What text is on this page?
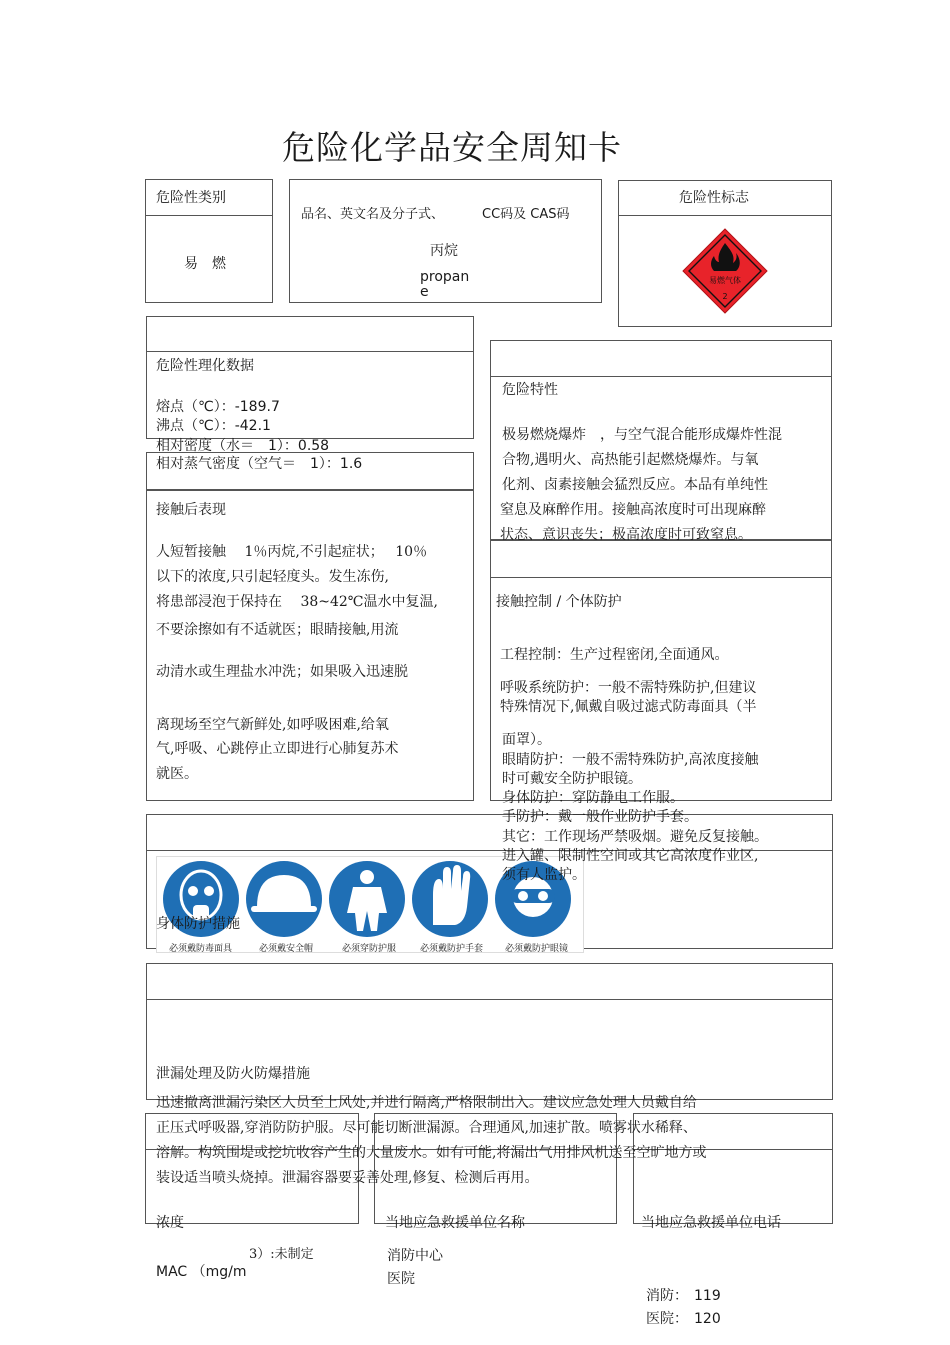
危险化学品安全周知卡
危险性类别
易　燃
品名、英文名及分子式、	CC码及 CAS码
丙烷
propan
e
危险性标志
易燃气体
2
危险性理化数据
熔点（℃）：-189.7
沸点（℃）：-42.1
相对密度（水＝　1）：0.58
相对蒸气密度（空气＝　1）：1.6
危险特性
极易燃烧爆炸　，与空气混合能形成爆炸性混
合物,遇明火、高热能引起燃烧爆炸。与氧
化剂、卤素接触会猛烈反应。本品有单纯性
窒息及麻醉作用。接触高浓度时可出现麻醉
状态、意识丧失；极高浓度时可致窒息。
接触后表现
人短暂接触　 1％丙烷,不引起症状；　 10％
以下的浓度,只引起轻度头。发生冻伤,
将患部浸泡于保持在　 38~42℃温水中复温,
不要涂擦如有不适就医；眼睛接触,用流
动清水或生理盐水冲洗；如果吸入迅速脱
离现场至空气新鲜处,如呼吸困难,给氧
气,呼吸、心跳停止立即进行心肺复苏术
就医。
接触控制 / 个体防护
工程控制：生产过程密闭,全面通风。
呼吸系统防护：一般不需特殊防护,但建议
特殊情况下,佩戴自吸过滤式防毒面具（半
面罩）。
眼睛防护：一般不需特殊防护,高浓度接触
时可戴安全防护眼镜。
必须戴防毒面具	必须戴安全帽	必须穿防护服	必须戴防护手套 必须戴防护眼镜
身体防护措施
身体防护：穿防静电工作服。
手防护：戴一般作业防护手套。
其它：工作现场严禁吸烟。避免反复接触。
进入罐、限制性空间或其它高浓度作业区,
须有人监护。
泄漏处理及防火防爆措施
迅速撤离泄漏污染区人员至上风处,并进行隔离,严格限制出入。建议应急处理人员戴自给
正压式呼吸器,穿消防防护服。尽可能切断泄漏源。合理通风,加速扩散。喷雾状水稀释、
溶解。构筑围堤或挖坑收容产生的大量废水。如有可能,将漏出气用排风机送至空旷地方或
装设适当喷头烧掉。泄漏容器要妥善处理,修复、检测后再用。
浓度	当地应急救援单位名称	当地应急救援单位电话
3）:未制定
MAC （mg/m
消防中心
医院
消防： 119
医院： 120
